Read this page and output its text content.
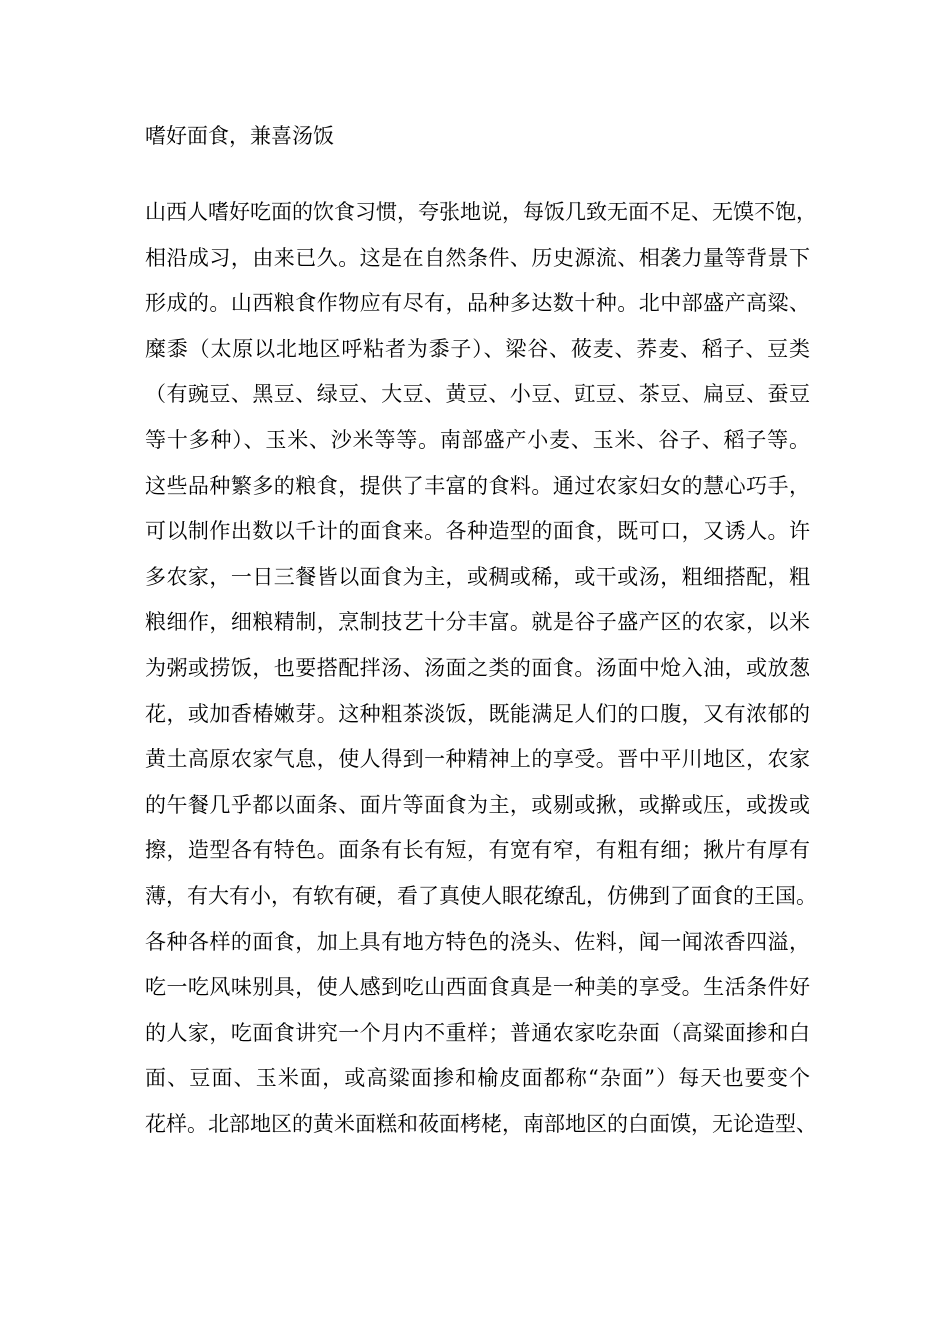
嗜好面食，兼喜汤饭
山西人嗜好吃面的饮食习惯，夸张地说，每饭几致无面不足、无馍不饱，
相沿成习，由来已久。这是在自然条件、历史源流、相袭力量等背景下
形成的。山西粮食作物应有尽有，品种多达数十种。北中部盛产高粱、
糜黍（太原以北地区呼粘者为黍子）、梁谷、莜麦、荞麦、稻子、豆类
（有豌豆、黑豆、绿豆、大豆、黄豆、小豆、豇豆、茶豆、扁豆、蚕豆
等十多种）、玉米、沙米等等。南部盛产小麦、玉米、谷子、稻子等。
这些品种繁多的粮食，提供了丰富的食料。通过农家妇女的慧心巧手，
可以制作出数以千计的面食来。各种造型的面食，既可口，又诱人。许
多农家，一日三餐皆以面食为主，或稠或稀，或干或汤，粗细搭配，粗
粮细作，细粮精制，烹制技艺十分丰富。就是谷子盛产区的农家，以米
为粥或捞饭，也要搭配拌汤、汤面之类的面食。汤面中炝入油，或放葱
花，或加香椿嫩芽。这种粗茶淡饭，既能满足人们的口腹，又有浓郁的
黄土高原农家气息，使人得到一种精神上的享受。晋中平川地区，农家
的午餐几乎都以面条、面片等面食为主，或剔或揪，或擀或压，或拨或
擦，造型各有特色。面条有长有短，有宽有窄，有粗有细；揪片有厚有
薄，有大有小，有软有硬，看了真使人眼花缭乱，仿佛到了面食的王国。
各种各样的面食，加上具有地方特色的浇头、佐料，闻一闻浓香四溢，
吃一吃风味别具，使人感到吃山西面食真是一种美的享受。生活条件好
的人家，吃面食讲究一个月内不重样；普通农家吃杂面（高粱面掺和白
面、豆面、玉米面，或高粱面掺和榆皮面都称“杂面”）每天也要变个
花样。北部地区的黄米面糕和莜面栲栳，南部地区的白面馍，无论造型、
